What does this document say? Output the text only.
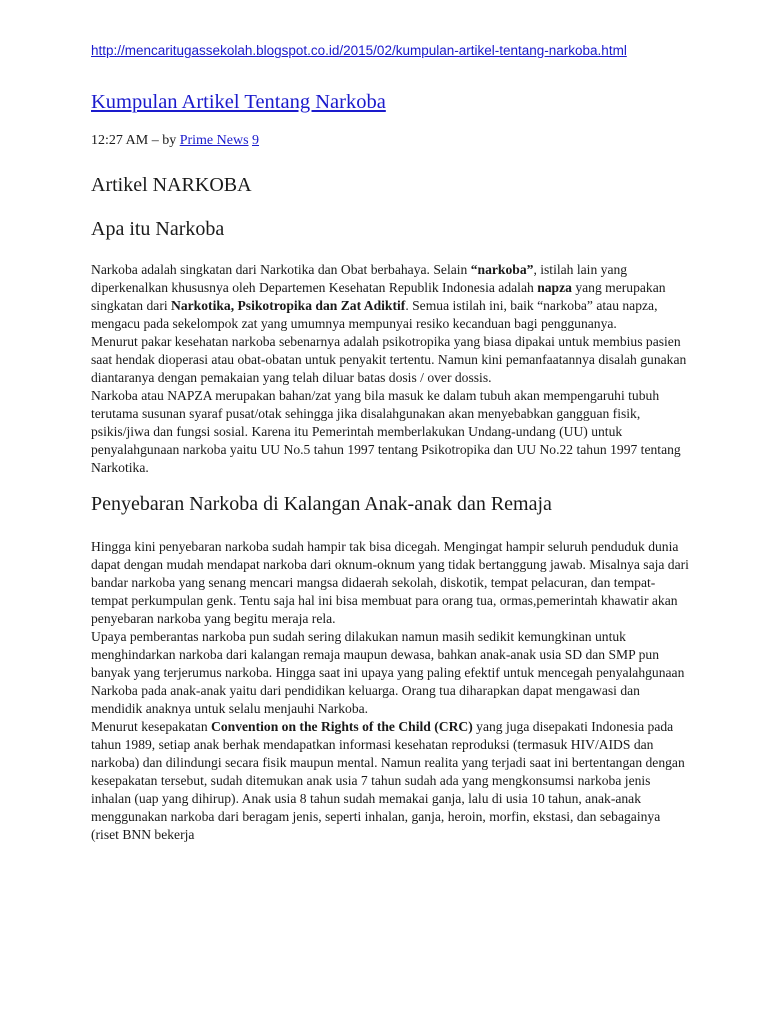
http://mencaritugassekolah.blogspot.co.id/2015/02/kumpulan-artikel-tentang-narkoba.html
Kumpulan Artikel Tentang Narkoba
12:27 AM – by Prime News 9
Artikel NARKOBA
Apa itu Narkoba

Narkoba adalah singkatan dari Narkotika dan Obat berbahaya. Selain “narkoba”, istilah lain yang diperkenalkan khususnya oleh Departemen Kesehatan Republik Indonesia adalah napza yang merupakan singkatan dari Narkotika, Psikotropika dan Zat Adiktif. Semua istilah ini, baik “narkoba” atau napza, mengacu pada sekelompok zat yang umumnya mempunyai resiko kecanduan bagi penggunanya.

Menurut pakar kesehatan narkoba sebenarnya adalah psikotropika yang biasa dipakai untuk membius pasien saat hendak dioperasi atau obat-obatan untuk penyakit tertentu. Namun kini pemanfaatannya disalah gunakan diantaranya dengan pemakaian yang telah diluar batas dosis / over dossis.

Narkoba atau NAPZA merupakan bahan/zat yang bila masuk ke dalam tubuh akan mempengaruhi tubuh terutama susunan syaraf pusat/otak sehingga jika disalahgunakan akan menyebabkan gangguan fisik, psikis/jiwa dan fungsi sosial. Karena itu Pemerintah memberlakukan Undang-undang (UU) untuk penyalahgunaan narkoba yaitu UU No.5 tahun 1997 tentang Psikotropika dan UU No.22 tahun 1997 tentang Narkotika.

Penyebaran Narkoba di Kalangan Anak-anak dan Remaja

Hingga kini penyebaran narkoba sudah hampir tak bisa dicegah. Mengingat hampir seluruh penduduk dunia dapat dengan mudah mendapat narkoba dari oknum-oknum yang tidak bertanggung jawab. Misalnya saja dari bandar narkoba yang senang mencari mangsa didaerah sekolah, diskotik, tempat pelacuran, dan tempat-tempat perkumpulan genk. Tentu saja hal ini bisa membuat para orang tua, ormas,pemerintah khawatir akan penyebaran narkoba yang begitu meraja rela.

Upaya pemberantas narkoba pun sudah sering dilakukan namun masih sedikit kemungkinan untuk menghindarkan narkoba dari kalangan remaja maupun dewasa, bahkan anak-anak usia SD dan SMP pun banyak yang terjerumus narkoba. Hingga saat ini upaya yang paling efektif untuk mencegah penyalahgunaan Narkoba pada anak-anak yaitu dari pendidikan keluarga. Orang tua diharapkan dapat mengawasi dan mendidik anaknya untuk selalu menjauhi Narkoba.

Menurut kesepakatan Convention on the Rights of the Child (CRC) yang juga disepakati Indonesia pada tahun 1989, setiap anak berhak mendapatkan informasi kesehatan reproduksi (termasuk HIV/AIDS dan narkoba) dan dilindungi secara fisik maupun mental. Namun realita yang terjadi saat ini bertentangan dengan kesepakatan tersebut, sudah ditemukan anak usia 7 tahun sudah ada yang mengkonsumsi narkoba jenis inhalan (uap yang dihirup). Anak usia 8 tahun sudah memakai ganja, lalu di usia 10 tahun, anak-anak menggunakan narkoba dari beragam jenis, seperti inhalan, ganja, heroin, morfin, ekstasi, dan sebagainya (riset BNN bekerja
